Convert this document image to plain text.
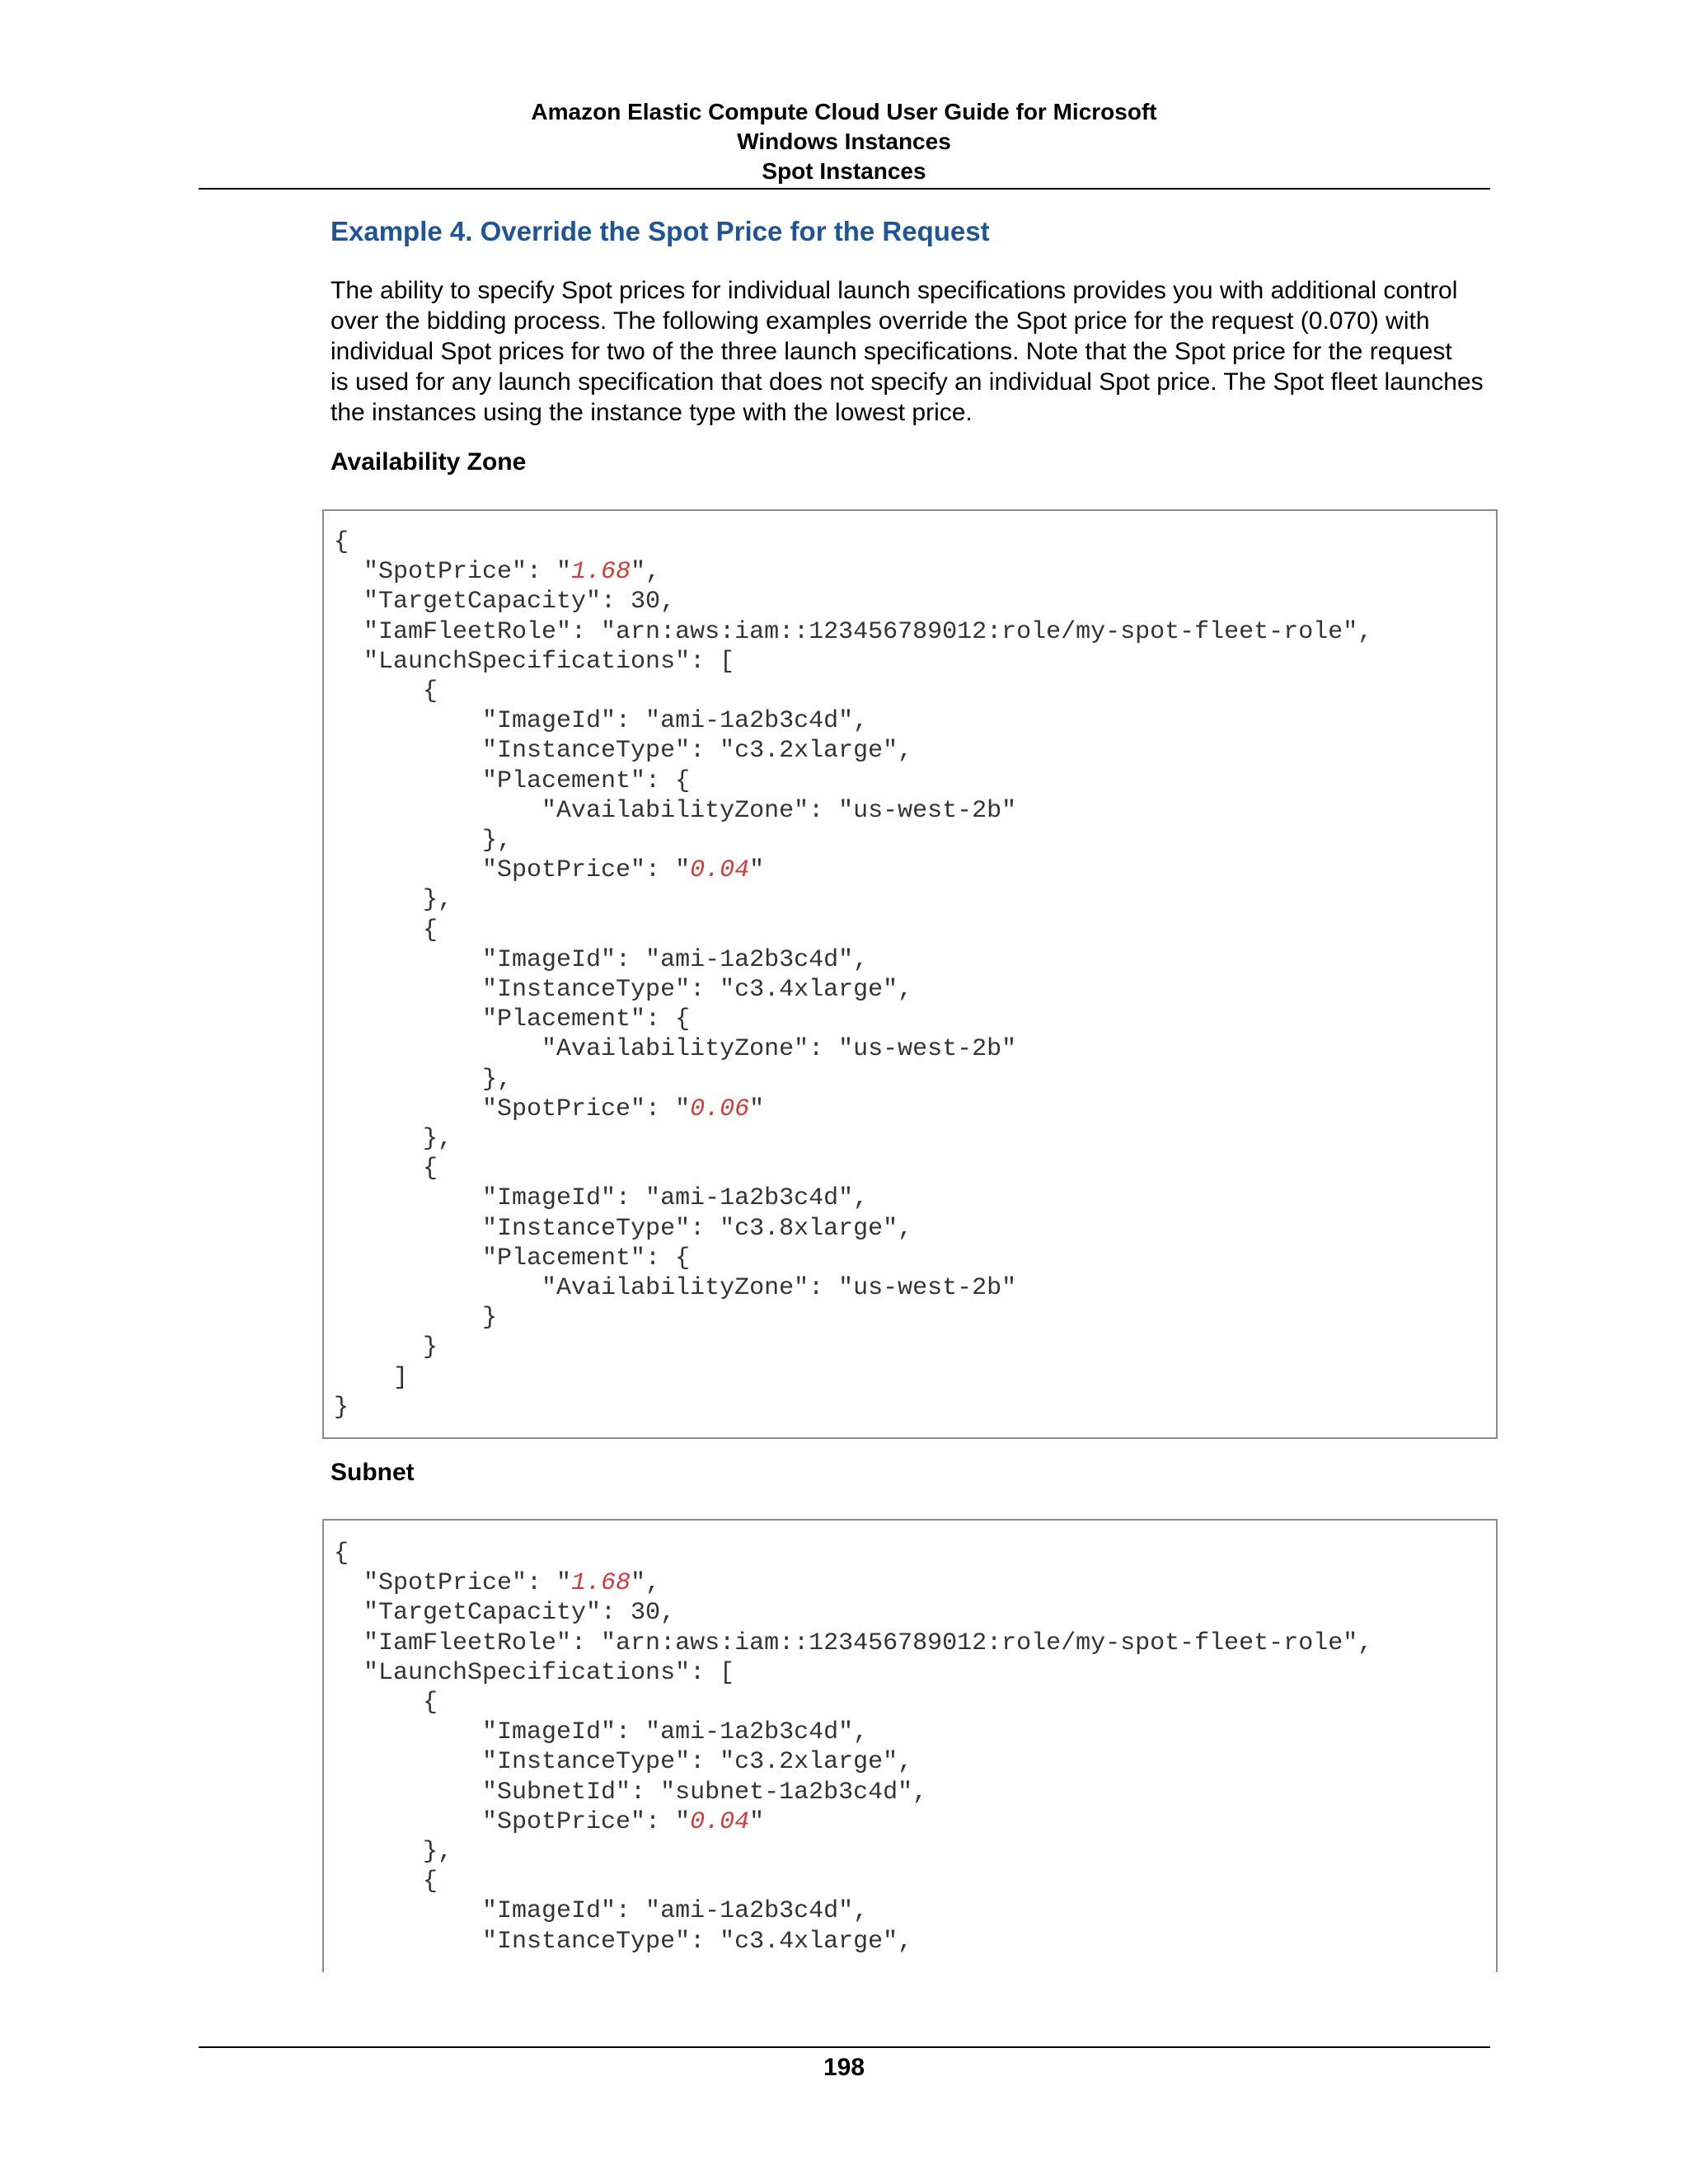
Amazon Elastic Compute Cloud User Guide for Microsoft
Windows Instances
Spot Instances
Example 4. Override the Spot Price for the Request

The ability to specify Spot prices for individual launch specifications provides you with additional control
over the bidding process. The following examples override the Spot price for the request (0.070) with
individual Spot prices for two of the three launch specifications. Note that the Spot price for the request
is used for any launch specification that does not specify an individual Spot price. The Spot fleet launches
the instances using the instance type with the lowest price.

Availability Zone
{
"SpotPrice": "1.68",
"TargetCapacity": 30,
"IamFleetRole": "arn:aws:iam::123456789012:role/my-spot-fleet-role",
"LaunchSpecifications": [
{
"ImageId": "ami-1a2b3c4d",
"InstanceType": "c3.2xlarge",
"Placement": {
"AvailabilityZone": "us-west-2b"
},
"SpotPrice": "0.04"
},
{
"ImageId": "ami-1a2b3c4d",
"InstanceType": "c3.4xlarge",
"Placement": {
"AvailabilityZone": "us-west-2b"
},
"SpotPrice": "0.06"
},
{
"ImageId": "ami-1a2b3c4d",
"InstanceType": "c3.8xlarge",
"Placement": {
"AvailabilityZone": "us-west-2b"
}
}
]
}
Subnet
{
"SpotPrice": "1.68",
"TargetCapacity": 30,
"IamFleetRole": "arn:aws:iam::123456789012:role/my-spot-fleet-role",
"LaunchSpecifications": [
{
"ImageId": "ami-1a2b3c4d",
"InstanceType": "c3.2xlarge",
"SubnetId": "subnet-1a2b3c4d",
"SpotPrice": "0.04"
},
{
"ImageId": "ami-1a2b3c4d",
"InstanceType": "c3.4xlarge",
198
